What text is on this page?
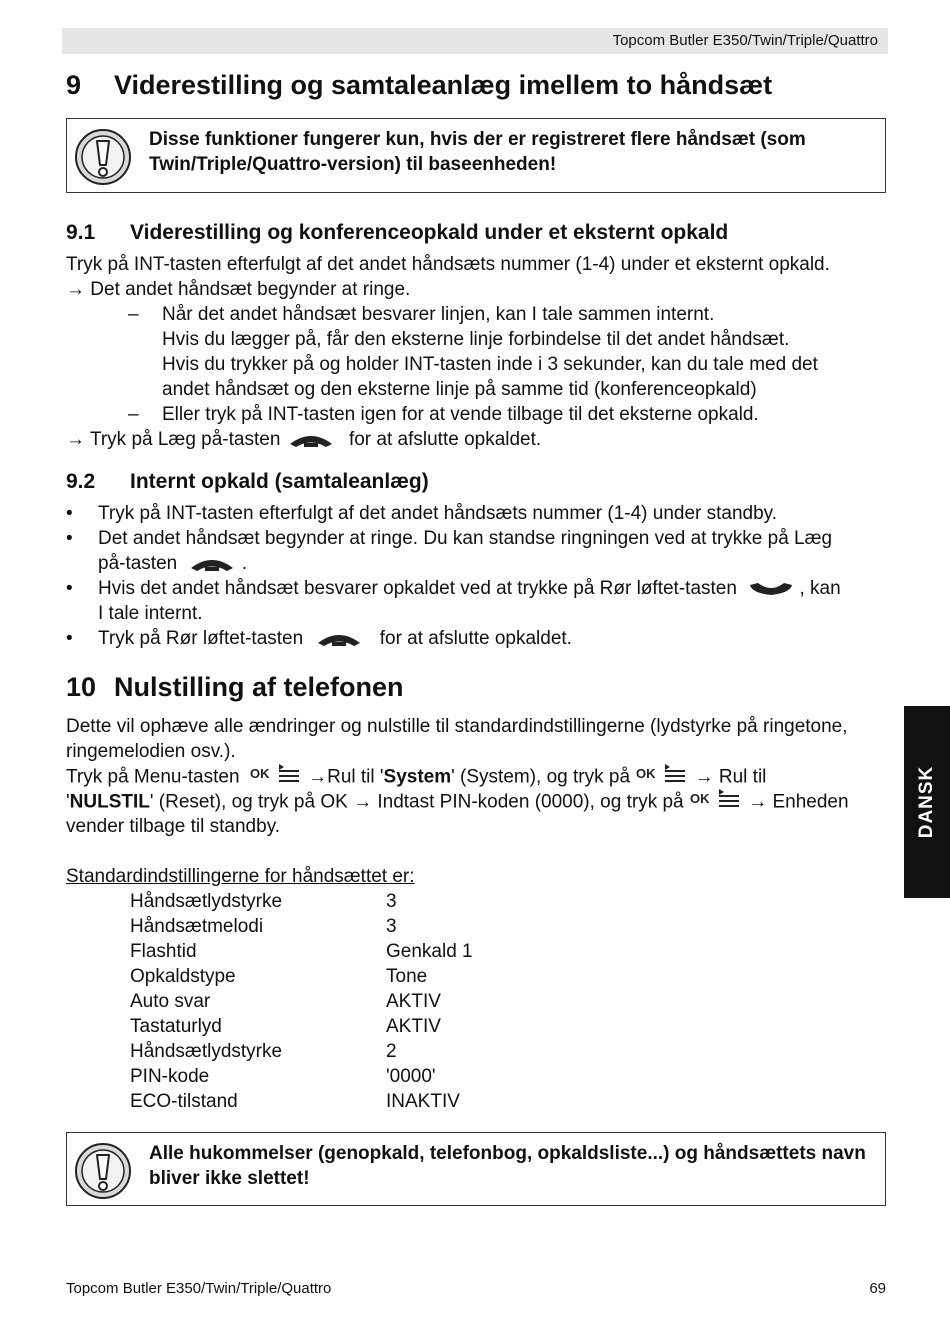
Topcom Butler E350/Twin/Triple/Quattro
9 Viderestilling og samtaleanlæg imellem to håndsæt
Disse funktioner fungerer kun, hvis der er registreret flere håndsæt (som Twin/Triple/Quattro-version) til baseenheden!
9.1 Viderestilling og konferenceopkald under et eksternt opkald
Tryk på INT-tasten efterfulgt af det andet håndsæts nummer (1-4) under et eksternt opkald.
→ Det andet håndsæt begynder at ringe.
– Når det andet håndsæt besvarer linjen, kan I tale sammen internt.
Hvis du lægger på, får den eksterne linje forbindelse til det andet håndsæt.
Hvis du trykker på og holder INT-tasten inde i 3 sekunder, kan du tale med det
andet håndsæt og den eksterne linje på samme tid (konferenceopkald)
– Eller tryk på INT-tasten igen for at vende tilbage til det eksterne opkald.
→ Tryk på Læg på-tasten	for at afslutte opkaldet.
9.2 Internt opkald (samtaleanlæg)
• Tryk på INT-tasten efterfulgt af det andet håndsæts nummer (1-4) under standby.
• Det andet håndsæt begynder at ringe. Du kan standse ringningen ved at trykke på Læg
på-tasten	.
• Hvis det andet håndsæt besvarer opkaldet ved at trykke på Rør løftet-tasten	, kan
I tale internt.
• Tryk på Rør løftet-tasten	for at afslutte opkaldet.
10 Nulstilling af telefonen
Dette vil ophæve alle ændringer og nulstille til standardindstillingerne (lydstyrke på ringetone,
ringemelodien osv.).
Tryk på Menu-tasten OK →Rul til 'System' (System), og tryk på OK → Rul til
'NULSTIL' (Reset), og tryk på OK → Indtast PIN-koden (0000), og tryk på OK → Enheden
vender tilbage til standby.
Standardindstillingerne for håndsættet er:
Håndsætlydstyrke	3
Håndsætmelodi	3
Flashtid	Genkald 1
Opkaldstype	Tone
Auto svar	AKTIV
Tastaturlyd	AKTIV
Håndsætlydstyrke	2
PIN-kode	'0000'
ECO-tilstand	INAKTIV
Alle hukommelser (genopkald, telefonbog, opkaldsliste...) og håndsættets navn bliver ikke slettet!
DANSK
Topcom Butler E350/Twin/Triple/Quattro	69
